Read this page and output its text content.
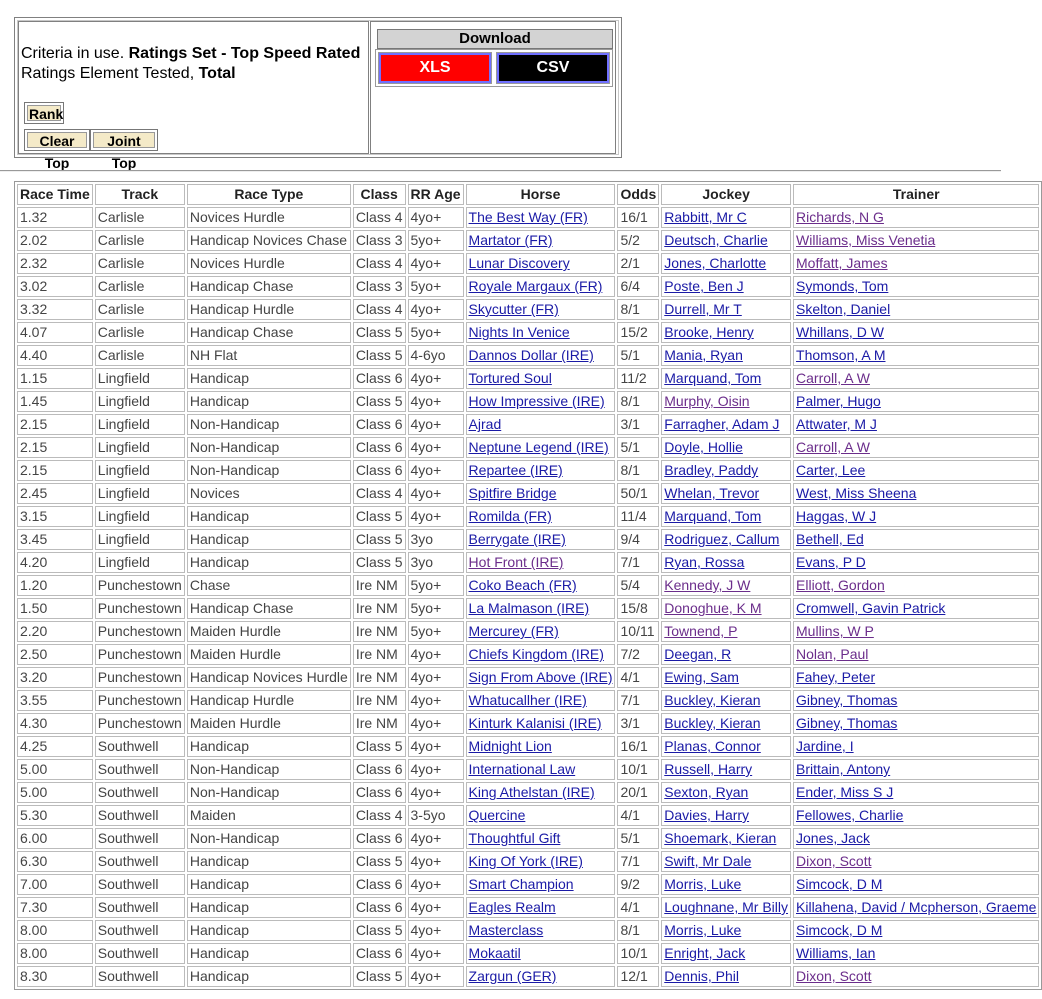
Criteria in use. Ratings Set - Top Speed Rated
Ratings Element Tested, Total
Rank
Clear Top
Joint Top
Download
XLS	CSV
Race Time	Track	Race Type	Class	RR Age	Horse	Odds	Jockey	Trainer
1.32	Carlisle	Novices Hurdle	Class 4	4yo+	The Best Way (FR)	16/1	Rabbitt, Mr C	Richards, N G
2.02	Carlisle	Handicap Novices Chase	Class 3	5yo+	Martator (FR)	5/2	Deutsch, Charlie	Williams, Miss Venetia
2.32	Carlisle	Novices Hurdle	Class 4	4yo+	Lunar Discovery	2/1	Jones, Charlotte	Moffatt, James
3.02	Carlisle	Handicap Chase	Class 3	5yo+	Royale Margaux (FR)	6/4	Poste, Ben J	Symonds, Tom
3.32	Carlisle	Handicap Hurdle	Class 4	4yo+	Skycutter (FR)	8/1	Durrell, Mr T	Skelton, Daniel
4.07	Carlisle	Handicap Chase	Class 5	5yo+	Nights In Venice	15/2	Brooke, Henry	Whillans, D W
4.40	Carlisle	NH Flat	Class 5	4-6yo	Dannos Dollar (IRE)	5/1	Mania, Ryan	Thomson, A M
1.15	Lingfield	Handicap	Class 6	4yo+	Tortured Soul	11/2	Marquand, Tom	Carroll, A W
1.45	Lingfield	Handicap	Class 5	4yo+	How Impressive (IRE)	8/1	Murphy, Oisin	Palmer, Hugo
2.15	Lingfield	Non-Handicap	Class 6	4yo+	Ajrad	3/1	Farragher, Adam J	Attwater, M J
2.15	Lingfield	Non-Handicap	Class 6	4yo+	Neptune Legend (IRE)	5/1	Doyle, Hollie	Carroll, A W
2.15	Lingfield	Non-Handicap	Class 6	4yo+	Repartee (IRE)	8/1	Bradley, Paddy	Carter, Lee
2.45	Lingfield	Novices	Class 4	4yo+	Spitfire Bridge	50/1	Whelan, Trevor	West, Miss Sheena
3.15	Lingfield	Handicap	Class 5	4yo+	Romilda (FR)	11/4	Marquand, Tom	Haggas, W J
3.45	Lingfield	Handicap	Class 5	3yo	Berrygate (IRE)	9/4	Rodriguez, Callum	Bethell, Ed
4.20	Lingfield	Handicap	Class 5	3yo	Hot Front (IRE)	7/1	Ryan, Rossa	Evans, P D
1.20	Punchestown	Chase	Ire NM	5yo+	Coko Beach (FR)	5/4	Kennedy, J W	Elliott, Gordon
1.50	Punchestown	Handicap Chase	Ire NM	5yo+	La Malmason (IRE)	15/8	Donoghue, K M	Cromwell, Gavin Patrick
2.20	Punchestown	Maiden Hurdle	Ire NM	5yo+	Mercurey (FR)	10/11	Townend, P	Mullins, W P
2.50	Punchestown	Maiden Hurdle	Ire NM	4yo+	Chiefs Kingdom (IRE)	7/2	Deegan, R	Nolan, Paul
3.20	Punchestown	Handicap Novices Hurdle	Ire NM	4yo+	Sign From Above (IRE)	4/1	Ewing, Sam	Fahey, Peter
3.55	Punchestown	Handicap Hurdle	Ire NM	4yo+	Whatucallher (IRE)	7/1	Buckley, Kieran	Gibney, Thomas
4.30	Punchestown	Maiden Hurdle	Ire NM	4yo+	Kinturk Kalanisi (IRE)	3/1	Buckley, Kieran	Gibney, Thomas
4.25	Southwell	Handicap	Class 5	4yo+	Midnight Lion	16/1	Planas, Connor	Jardine, I
5.00	Southwell	Non-Handicap	Class 6	4yo+	International Law	10/1	Russell, Harry	Brittain, Antony
5.00	Southwell	Non-Handicap	Class 6	4yo+	King Athelstan (IRE)	20/1	Sexton, Ryan	Ender, Miss S J
5.30	Southwell	Maiden	Class 4	3-5yo	Quercine	4/1	Davies, Harry	Fellowes, Charlie
6.00	Southwell	Non-Handicap	Class 6	4yo+	Thoughtful Gift	5/1	Shoemark, Kieran	Jones, Jack
6.30	Southwell	Handicap	Class 5	4yo+	King Of York (IRE)	7/1	Swift, Mr Dale	Dixon, Scott
7.00	Southwell	Handicap	Class 6	4yo+	Smart Champion	9/2	Morris, Luke	Simcock, D M
7.30	Southwell	Handicap	Class 6	4yo+	Eagles Realm	4/1	Loughnane, Mr Billy	Killahena, David / Mcpherson, Graeme
8.00	Southwell	Handicap	Class 5	4yo+	Masterclass	8/1	Morris, Luke	Simcock, D M
8.00	Southwell	Handicap	Class 6	4yo+	Mokaatil	10/1	Enright, Jack	Williams, Ian
8.30	Southwell	Handicap	Class 5	4yo+	Zargun (GER)	12/1	Dennis, Phil	Dixon, Scott
